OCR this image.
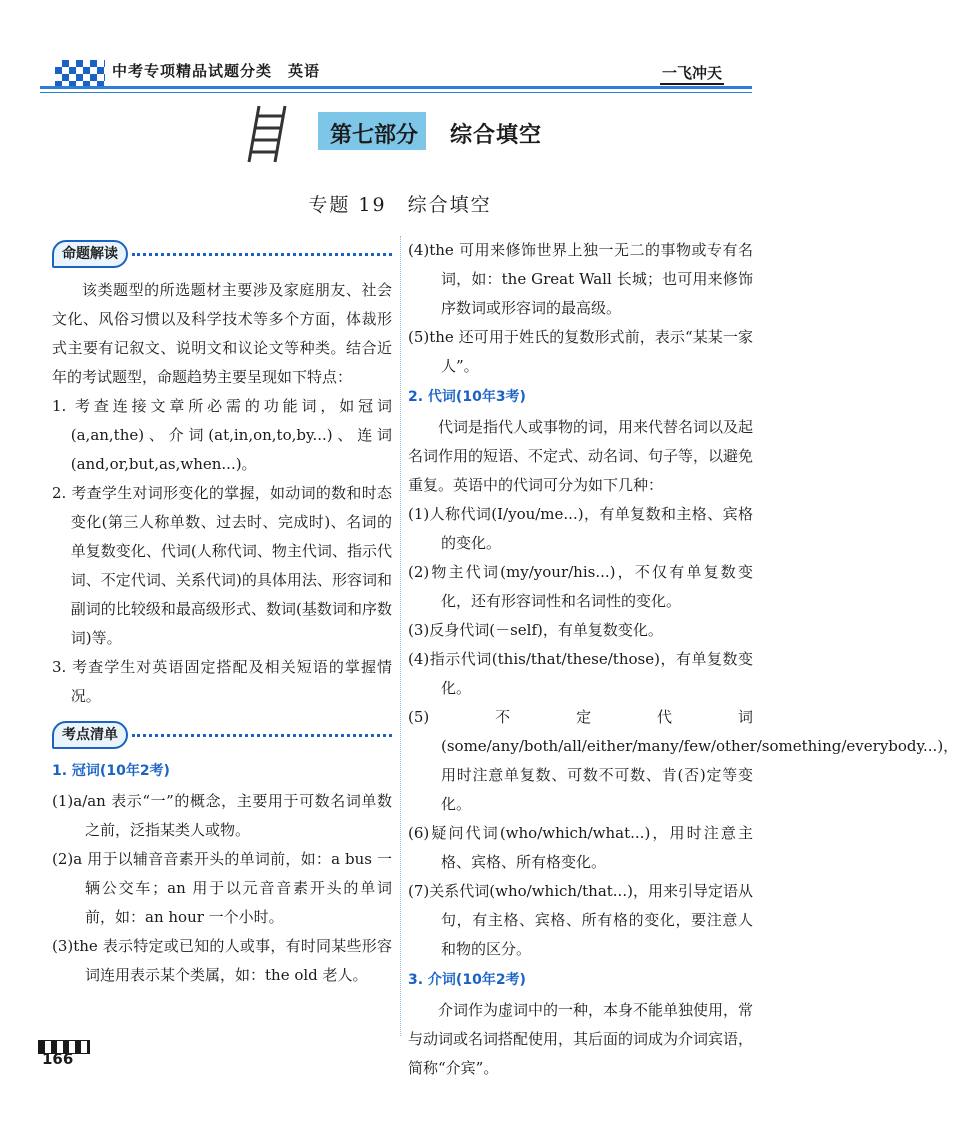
中考专项精品试题分类　英语	一飞冲天
第七部分 综合填空
专题 19　综合填空
命题解读

该类题型的所选题材主要涉及家庭朋友、社会文化、风俗习惯以及科学技术等多个方面，体裁形式主要有记叙文、说明文和议论文等种类。结合近年的考试题型，命题趋势主要呈现如下特点：

1. 考查连接文章所必需的功能词，如冠词(a,an,the)、介词(at,in,on,to,by...)、连词(and,or,but,as,when...)。

2. 考查学生对词形变化的掌握，如动词的数和时态变化(第三人称单数、过去时、完成时)、名词的单复数变化、代词(人称代词、物主代词、指示代词、不定代词、关系代词)的具体用法、形容词和副词的比较级和最高级形式、数词(基数词和序数词)等。

3. 考查学生对英语固定搭配及相关短语的掌握情况。

考点清单
1. 冠词(10年2考)

(1)a/an 表示“一”的概念，主要用于可数名词单数之前，泛指某类人或物。

(2)a 用于以辅音音素开头的单词前，如：a bus 一辆公交车；an 用于以元音音素开头的单词前，如：an hour 一个小时。

(3)the 表示特定或已知的人或事，有时同某些形容词连用表示某个类属，如：the old 老人。

(4)the 可用来修饰世界上独一无二的事物或专有名词，如：the Great Wall 长城；也可用来修饰序数词或形容词的最高级。

(5)the 还可用于姓氏的复数形式前，表示“某某一家人”。

2. 代词(10年3考)

代词是指代人或事物的词，用来代替名词以及起名词作用的短语、不定式、动名词、句子等，以避免重复。英语中的代词可分为如下几种：

(1)人称代词(I/you/me...)，有单复数和主格、宾格的变化。

(2)物主代词(my/your/his...)，不仅有单复数变化，还有形容词性和名词性的变化。

(3)反身代词(－self)，有单复数变化。

(4)指示代词(this/that/these/those)，有单复数变化。

(5)不定代词(some/any/both/all/either/many/few/other/something/everybody...)，用时注意单复数、可数不可数、肯(否)定等变化。

(6)疑问代词(who/which/what...)，用时注意主格、宾格、所有格变化。

(7)关系代词(who/which/that...)，用来引导定语从句，有主格、宾格、所有格的变化，要注意人和物的区分。

3. 介词(10年2考)

介词作为虚词中的一种，本身不能单独使用，常与动词或名词搭配使用，其后面的词成为介词宾语，简称“介宾”。

166
